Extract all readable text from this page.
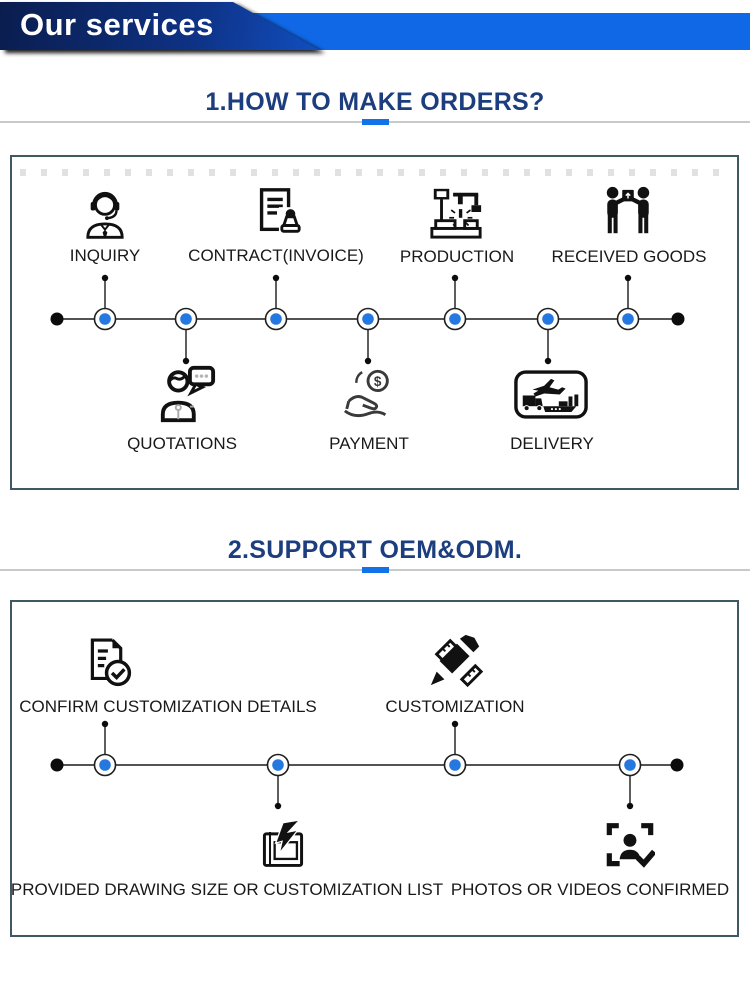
Our services
1.HOW TO MAKE ORDERS?
INQUIRY	CONTRACT(INVOICE) PRODUCTION RECEIVED GOODS
$
QUOTATIONS	PAYMENT	DELIVERY
2.SUPPORT OEM&ODM.
CONFIRM CUSTOMIZATION DETAILS	CUSTOMIZATION
PROVIDED DRAWING SIZE OR CUSTOMIZATION LIST PHOTOS OR VIDEOS CONFIRMED
